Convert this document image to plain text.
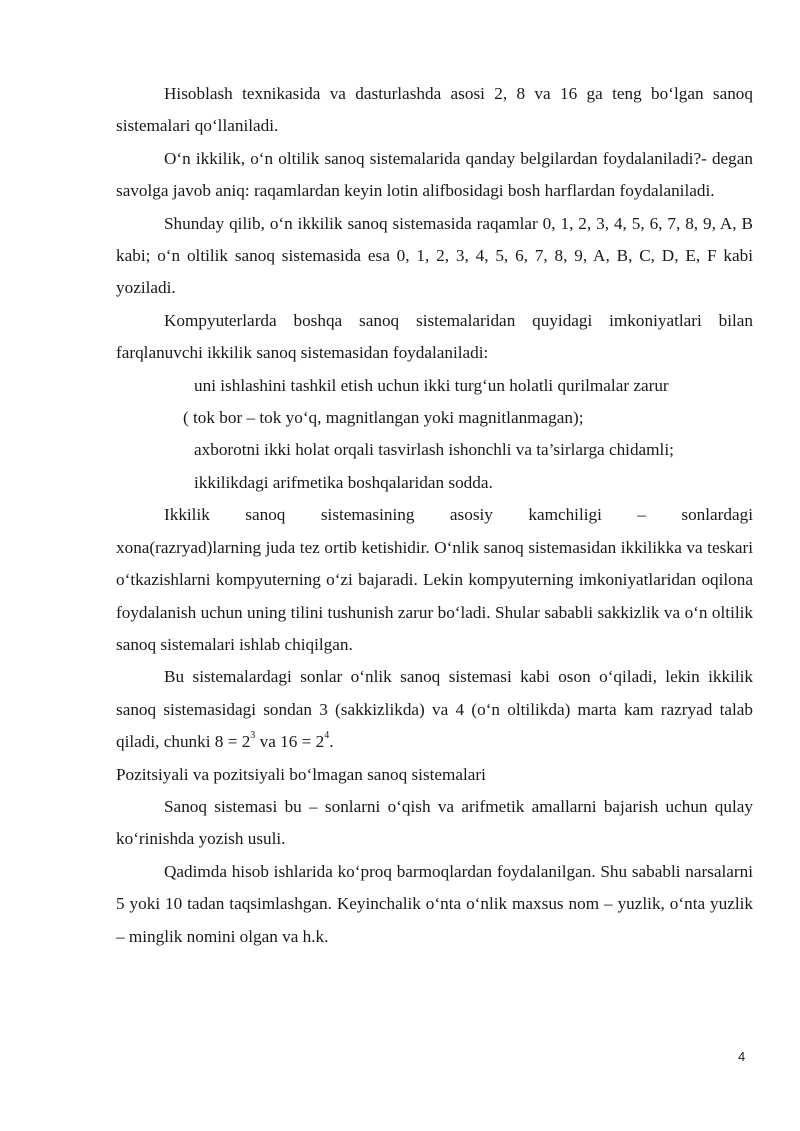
Hisoblash texnikasida va dasturlashda asosi 2, 8 va 16 ga teng bo‘lgan sanoq sistemalari qo‘llaniladi.

O‘n ikkilik, o‘n oltilik sanoq sistemalarida qanday belgilardan foydalaniladi?- degan savolga javob aniq: raqamlardan keyin lotin alifbosidagi bosh harflardan foydalaniladi.

Shunday qilib, o‘n ikkilik sanoq sistemasida raqamlar 0, 1, 2, 3, 4, 5, 6, 7, 8, 9, A, B kabi; o‘n oltilik sanoq sistemasida esa 0, 1, 2, 3, 4, 5, 6, 7, 8, 9, A, B, C, D, E, F kabi yoziladi.

Kompyuterlarda boshqa sanoq sistemalaridan quyidagi imkoniyatlari bilan farqlanuvchi ikkilik sanoq sistemasidan foydalaniladi:

uni ishlashini tashkil etish uchun ikki turg‘un holatli qurilmalar zarur
( tok bor – tok yo‘q, magnitlangan yoki magnitlanmagan);
axborotni ikki holat orqali tasvirlash ishonchli va ta’sirlarga chidamli;
ikkilikdagi arifmetika boshqalaridan sodda.

Ikkilik sanoq sistemasining asosiy kamchiligi – sonlardagi

xona(razryad)larning juda tez ortib ketishidir. O‘nlik sanoq sistemasidan ikkilikka va teskari o‘tkazishlarni kompyuterning o‘zi bajaradi. Lekin kompyuterning imkoniyatlaridan oqilona foydalanish uchun uning tilini tushunish zarur bo‘ladi. Shular sababli sakkizlik va o‘n oltilik sanoq sistemalari ishlab chiqilgan.

Bu sistemalardagi sonlar o‘nlik sanoq sistemasi kabi oson o‘qiladi, lekin ikkilik sanoq sistemasidagi sondan 3 (sakkizlikda) va 4 (o‘n oltilikda) marta kam razryad talab qiladi, chunki $8 = 2^3$ va $16 = 2^4$.

Pozitsiyali va pozitsiyali bo‘lmagan sanoq sistemalari

Sanoq sistemasi bu – sonlarni o‘qish va arifmetik amallarni bajarish uchun qulay ko‘rinishda yozish usuli.

Qadimda hisob ishlarida ko‘proq barmoqlardan foydalanilgan. Shu sababli narsalarni 5 yoki 10 tadan taqsimlashgan. Keyinchalik o‘nta o‘nlik maxsus nom – yuzlik, o‘nta yuzlik – minglik nomini olgan va h.k.

4
